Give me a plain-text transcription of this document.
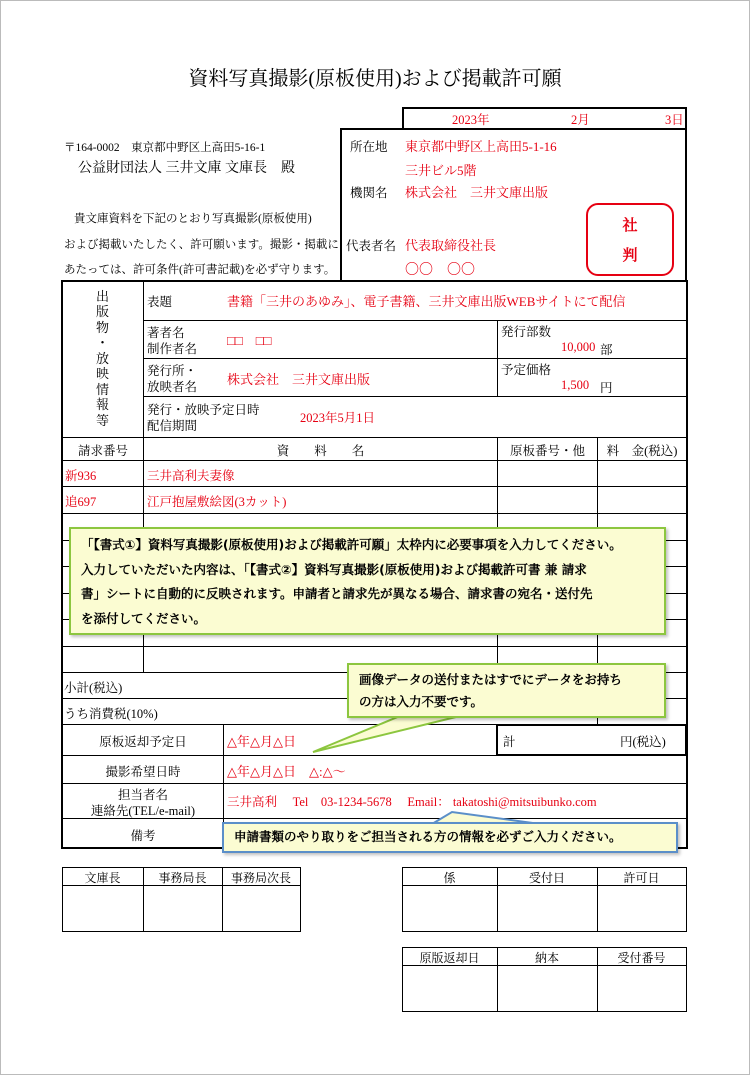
資料写真撮影(原板使用)および掲載許可願
2023年	2月	3日
〒164-0002　東京都中野区上高田5-16-1
公益財団法人 三井文庫 文庫長　殿
貴文庫資料を下記のとおり写真撮影(原板使用)
および掲載いたしたく、許可願います。撮影・掲載に
あたっては、許可条件(許可書記載)を必ず守ります。
所在地 東京都中野区上高田5-1-16
三井ビル5階
機関名 株式会社　三井文庫出版
代表者名 代表取締役社長
〇〇　〇〇
社
判
出
版
物
・
放
映
情
報
等
表題	書籍「三井のあゆみ」、電子書籍、三井文庫出版WEBサイトにて配信
著者名
制作者名
□□　□□
発行部数
10,000 部
発行所・
放映者名 株式会社　三井文庫出版
予定価格
1,500 円
発行・放映予定日時
配信期間
2023年5月1日
請求番号	資　　料　　名	原板番号・他	料　金(税込)
新936	三井高利夫妻像
追697	江戸抱屋敷絵図(3カット)
小計(税込)
うち消費税(10%)
原板返却予定日	△年△月△日	計	円(税込)
撮影希望日時	△年△月△日　△:△～
担当者名
連絡先(TEL/e-mail)
三井高利　 Tel　03-1234-5678　 Email： takatoshi@mitsuibunko.com
備考
文庫長	事務局長	事務局次長	係	受付日	許可日
原版返却日	納本	受付番号
「【書式①】資料写真撮影(原板使用)および掲載許可願」太枠内に必要事項を入力してください。
入力していただいた内容は、「【書式②】資料写真撮影(原板使用)および掲載許可書 兼 請求
書」シートに自動的に反映されます。申請者と請求先が異なる場合、請求書の宛名・送付先
を添付してください。
画像データの送付またはすでにデータをお持ち
の方は入力不要です。
申請書類のやり取りをご担当される方の情報を必ずご入力ください。
